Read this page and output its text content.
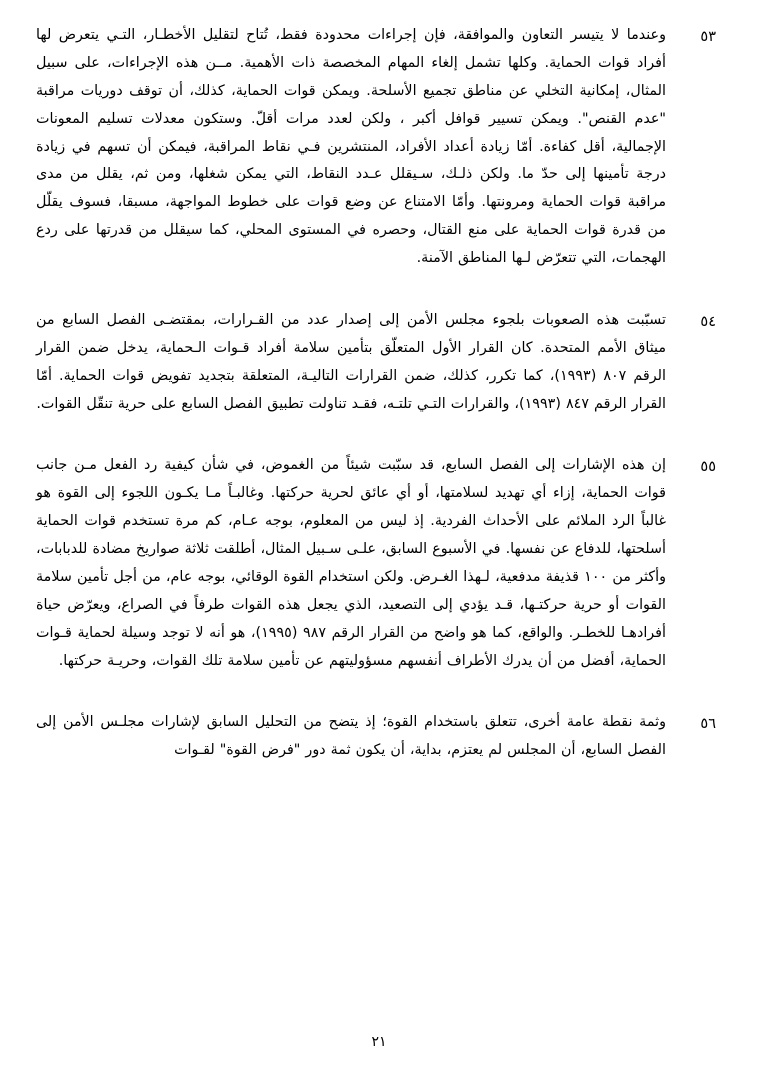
٥٣
وعندما لا يتيسر التعاون والموافقة، فإن إجراءات محدودة فقط، تُتاح لتقليل الأخطـار، التـي يتعرض لها أفراد قوات الحماية. وكلها تشمل إلغاء المهام المخصصة ذات الأهمية. مــن هذه الإجراءات، على سبيل المثال، إمكانية التخلي عن مناطق تجميع الأسلحة. ويمكن قوات الحماية، كذلك، أن توقف دوريات مراقبة "عدم القنص". ويمكن تسيير قوافل أكبر ، ولكن لعدد مرات أقلّ. وستكون معدلات تسليم المعونات الإجمالية، أقل كفاءة. أمّا زيادة أعداد الأفراد، المنتشرين فـي نقاط المراقبة، فيمكن أن تسهم في زيادة درجة تأمينها إلى حدّ ما. ولكن ذلـك، سـيقلل عـدد النقاط، التي يمكن شغلها، ومن ثم، يقلل من مدى مراقبة قوات الحماية ومرونتها. وأمّا الامتناع عن وضع قوات على خطوط المواجهة، مسبقا، فسوف يقلّل من قدرة قوات الحماية على منع القتال، وحصره في المستوى المحلي، كما سيقلل من قدرتها على ردع الهجمات، التي تتعرّض لـها المناطق الآمنة.
٥٤
تسبّبت هذه الصعوبات بلجوء مجلس الأمن إلى إصدار عدد من القـرارات، بمقتضـى الفصل السابع من ميثاق الأمم المتحدة. كان القرار الأول المتعلّق بتأمين سلامة أفراد قـوات الـحماية، يدخل ضمن القرار الرقم ٨٠٧ (١٩٩٣)، كما تكرر، كذلك، ضمن القرارات التاليـة، المتعلقة بتجديد تفويض قوات الحماية. أمّا القرار الرقم ٨٤٧ (١٩٩٣)، والقرارات التـي تلتـه، فقـد تناولت تطبيق الفصل السابع على حرية تنقّل القوات.
٥٥
إن هذه الإشارات إلى الفصل السابع، قد سبّبت شيئاً من الغموض، في شأن كيفية رد الفعل مـن جانب قوات الحماية، إزاء أي تهديد لسلامتها، أو أي عائق لحرية حركتها. وغالبـاً مـا يكـون اللجوء إلى القوة هو غالباً الرد الملائم على الأحداث الفردية. إذ ليس من المعلوم، بوجه عـام، كم مرة تستخدم قوات الحماية أسلحتها، للدفاع عن نفسها. في الأسبوع السابق، علـى سـبيل المثال، أطلقت ثلاثة صواريخ مضادة للدبابات، وأكثر من ١٠٠ قذيفة مدفعية، لـهذا الغـرض. ولكن استخدام القوة الوقائي، بوجه عام، من أجل تأمين سلامة القوات أو حرية حركتـها، قـد يؤدي إلى التصعيد، الذي يجعل هذه القوات طرفاً في الصراع، ويعرّض حياة أفرادهـا للخطـر. والواقع، كما هو واضح من القرار الرقم ٩٨٧ (١٩٩٥)، هو أنه لا توجد وسيلة لحماية قـوات الحماية، أفضل من أن يدرك الأطراف أنفسهم مسؤوليتهم عن تأمين سلامة تلك القوات، وحريـة حركتها.
٥٦
وثمة نقطة عامة أخرى، تتعلق باستخدام القوة؛ إذ يتضح من التحليل السابق لإشارات مجلـس الأمن إلى الفصل السابع، أن المجلس لم يعتزم، بداية، أن يكون ثمة دور "فرض القوة" لقـوات
٢١
